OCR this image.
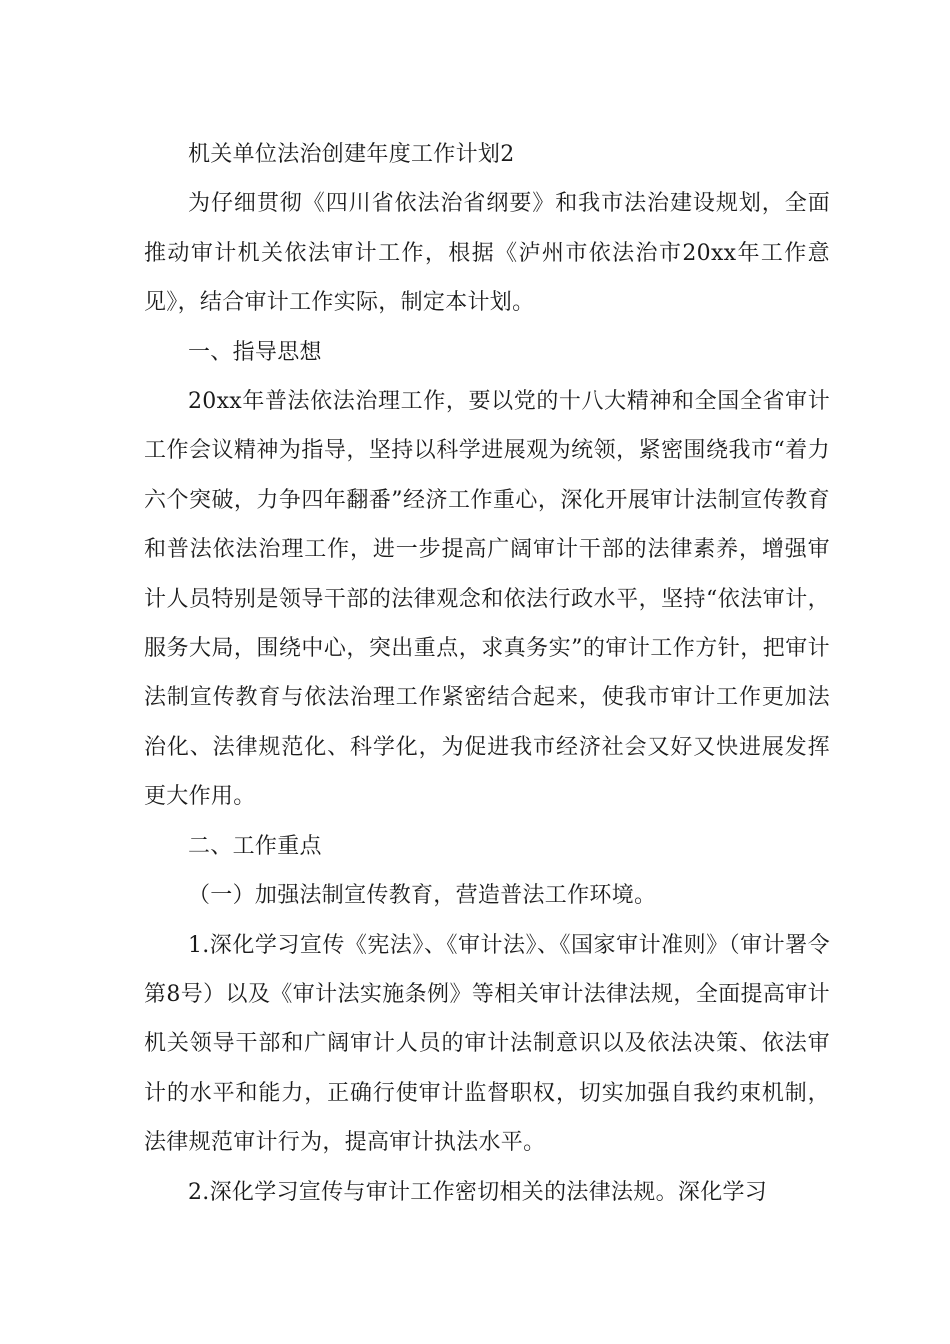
机关单位法治创建年度工作计划2

为仔细贯彻《四川省依法治省纲要》和我市法治建设规划，全面推动审计机关依法审计工作，根据《泸州市依法治市20xx年工作意见》，结合审计工作实际，制定本计划。

一、指导思想

20xx年普法依法治理工作，要以党的十八大精神和全国全省审计工作会议精神为指导，坚持以科学进展观为统领，紧密围绕我市“着力六个突破，力争四年翻番”经济工作重心，深化开展审计法制宣传教育和普法依法治理工作，进一步提高广阔审计干部的法律素养，增强审计人员特别是领导干部的法律观念和依法行政水平，坚持“依法审计，服务大局，围绕中心，突出重点，求真务实”的审计工作方针，把审计法制宣传教育与依法治理工作紧密结合起来，使我市审计工作更加法治化、法律规范化、科学化，为促进我市经济社会又好又快进展发挥更大作用。

二、工作重点

（一）加强法制宣传教育，营造普法工作环境。

1.深化学习宣传《宪法》、《审计法》、《国家审计准则》（审计署令第8号）以及《审计法实施条例》等相关审计法律法规，全面提高审计机关领导干部和广阔审计人员的审计法制意识以及依法决策、依法审计的水平和能力，正确行使审计监督职权，切实加强自我约束机制，法律规范审计行为，提高审计执法水平。

2.深化学习宣传与审计工作密切相关的法律法规。深化学习
